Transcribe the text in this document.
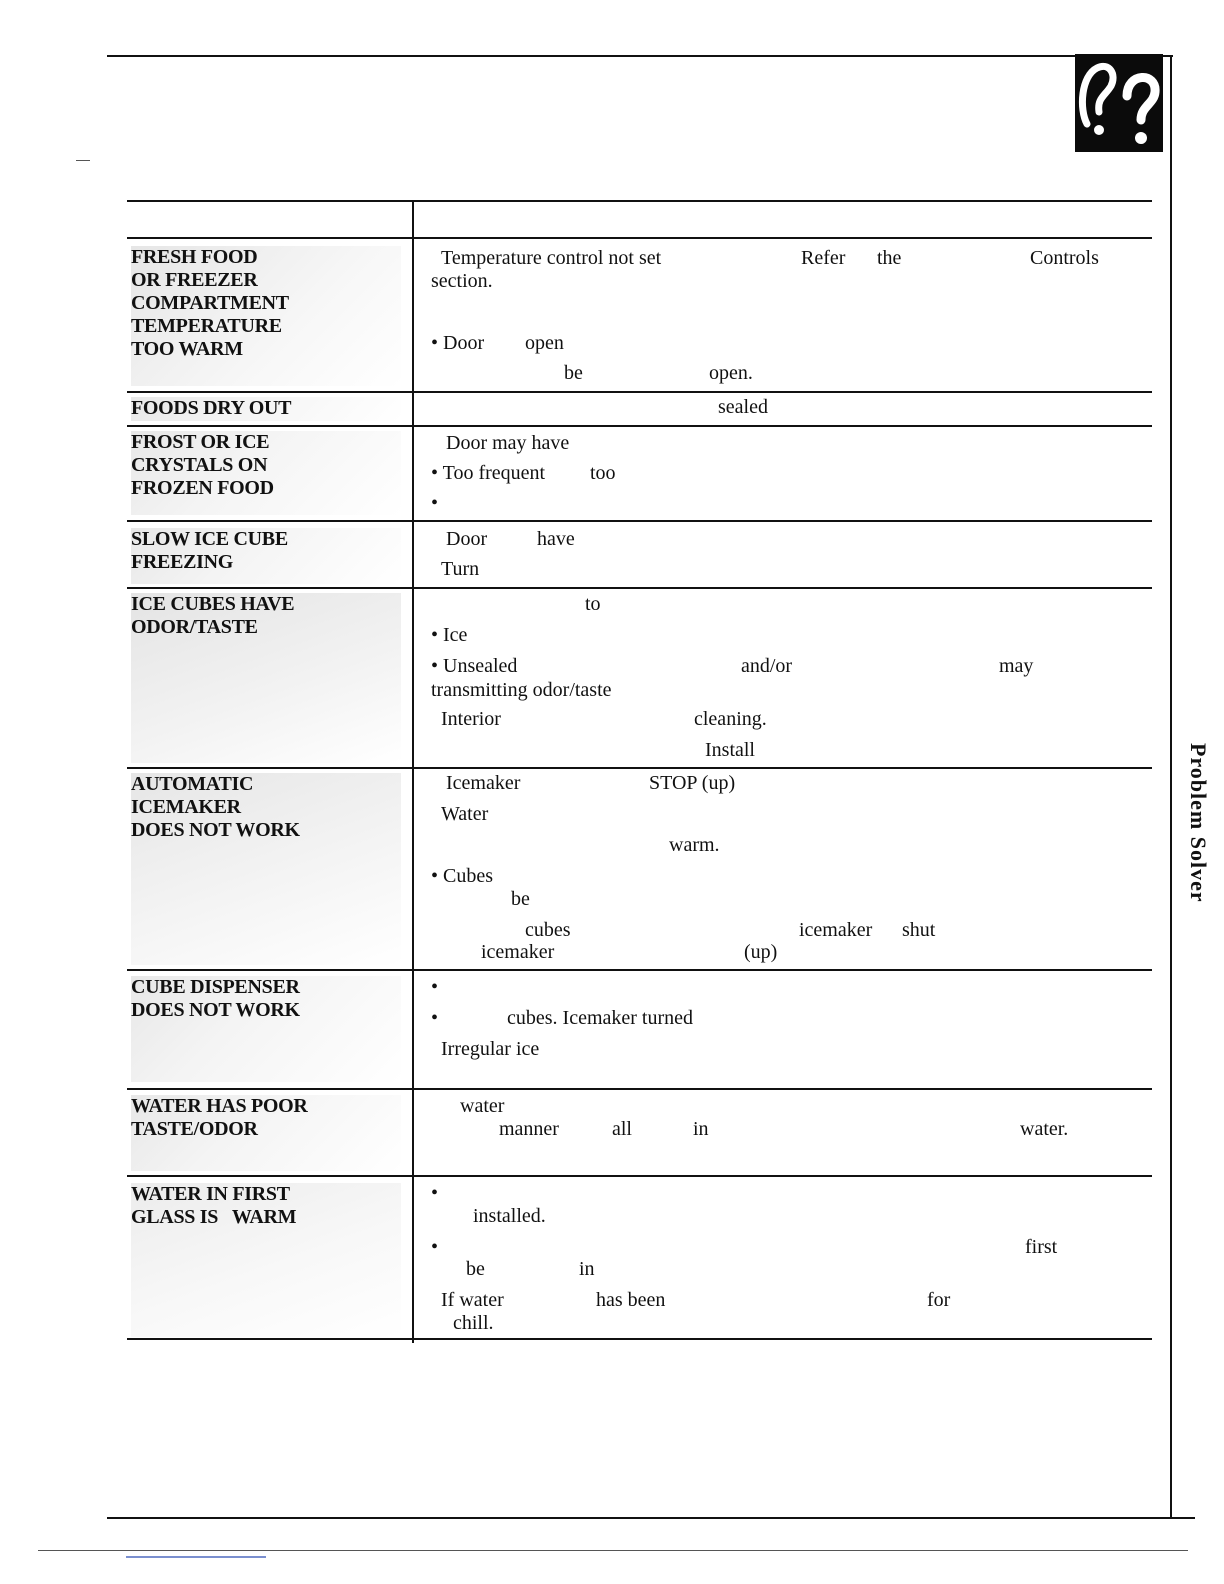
Problem Solver
FRESH FOOD
OR FREEZER
COMPARTMENT
TEMPERATURE
TOO WARM
Temperature control not set	Refer the	Controls
section.
• Door open
be	open.
FOODS DRY OUT	sealed
FROST OR ICE
CRYSTALS ON
FROZEN FOOD
Door may have
• Too frequent too
•
SLOW ICE CUBE
FREEZING
Door have
Turn
ICE CUBES HAVE
ODOR/TASTE
to
• Ice
• Unsealed	and/or	may
transmitting odor/taste
Interior	cleaning.
Install
AUTOMATIC
ICEMAKER
DOES NOT WORK
Icemaker	STOP (up)
Water
warm.
• Cubes
be
cubes	icemaker shut
icemaker	(up)
CUBE DISPENSER
DOES NOT WORK
•
•	cubes. Icemaker turned
Irregular ice
WATER HAS POOR
TASTE/ODOR
water
manner	all	in	water.
WATER IN FIRST
GLASS IS   WARM
•
installed.
•	first
be	in
If water	has been	for
chill.
